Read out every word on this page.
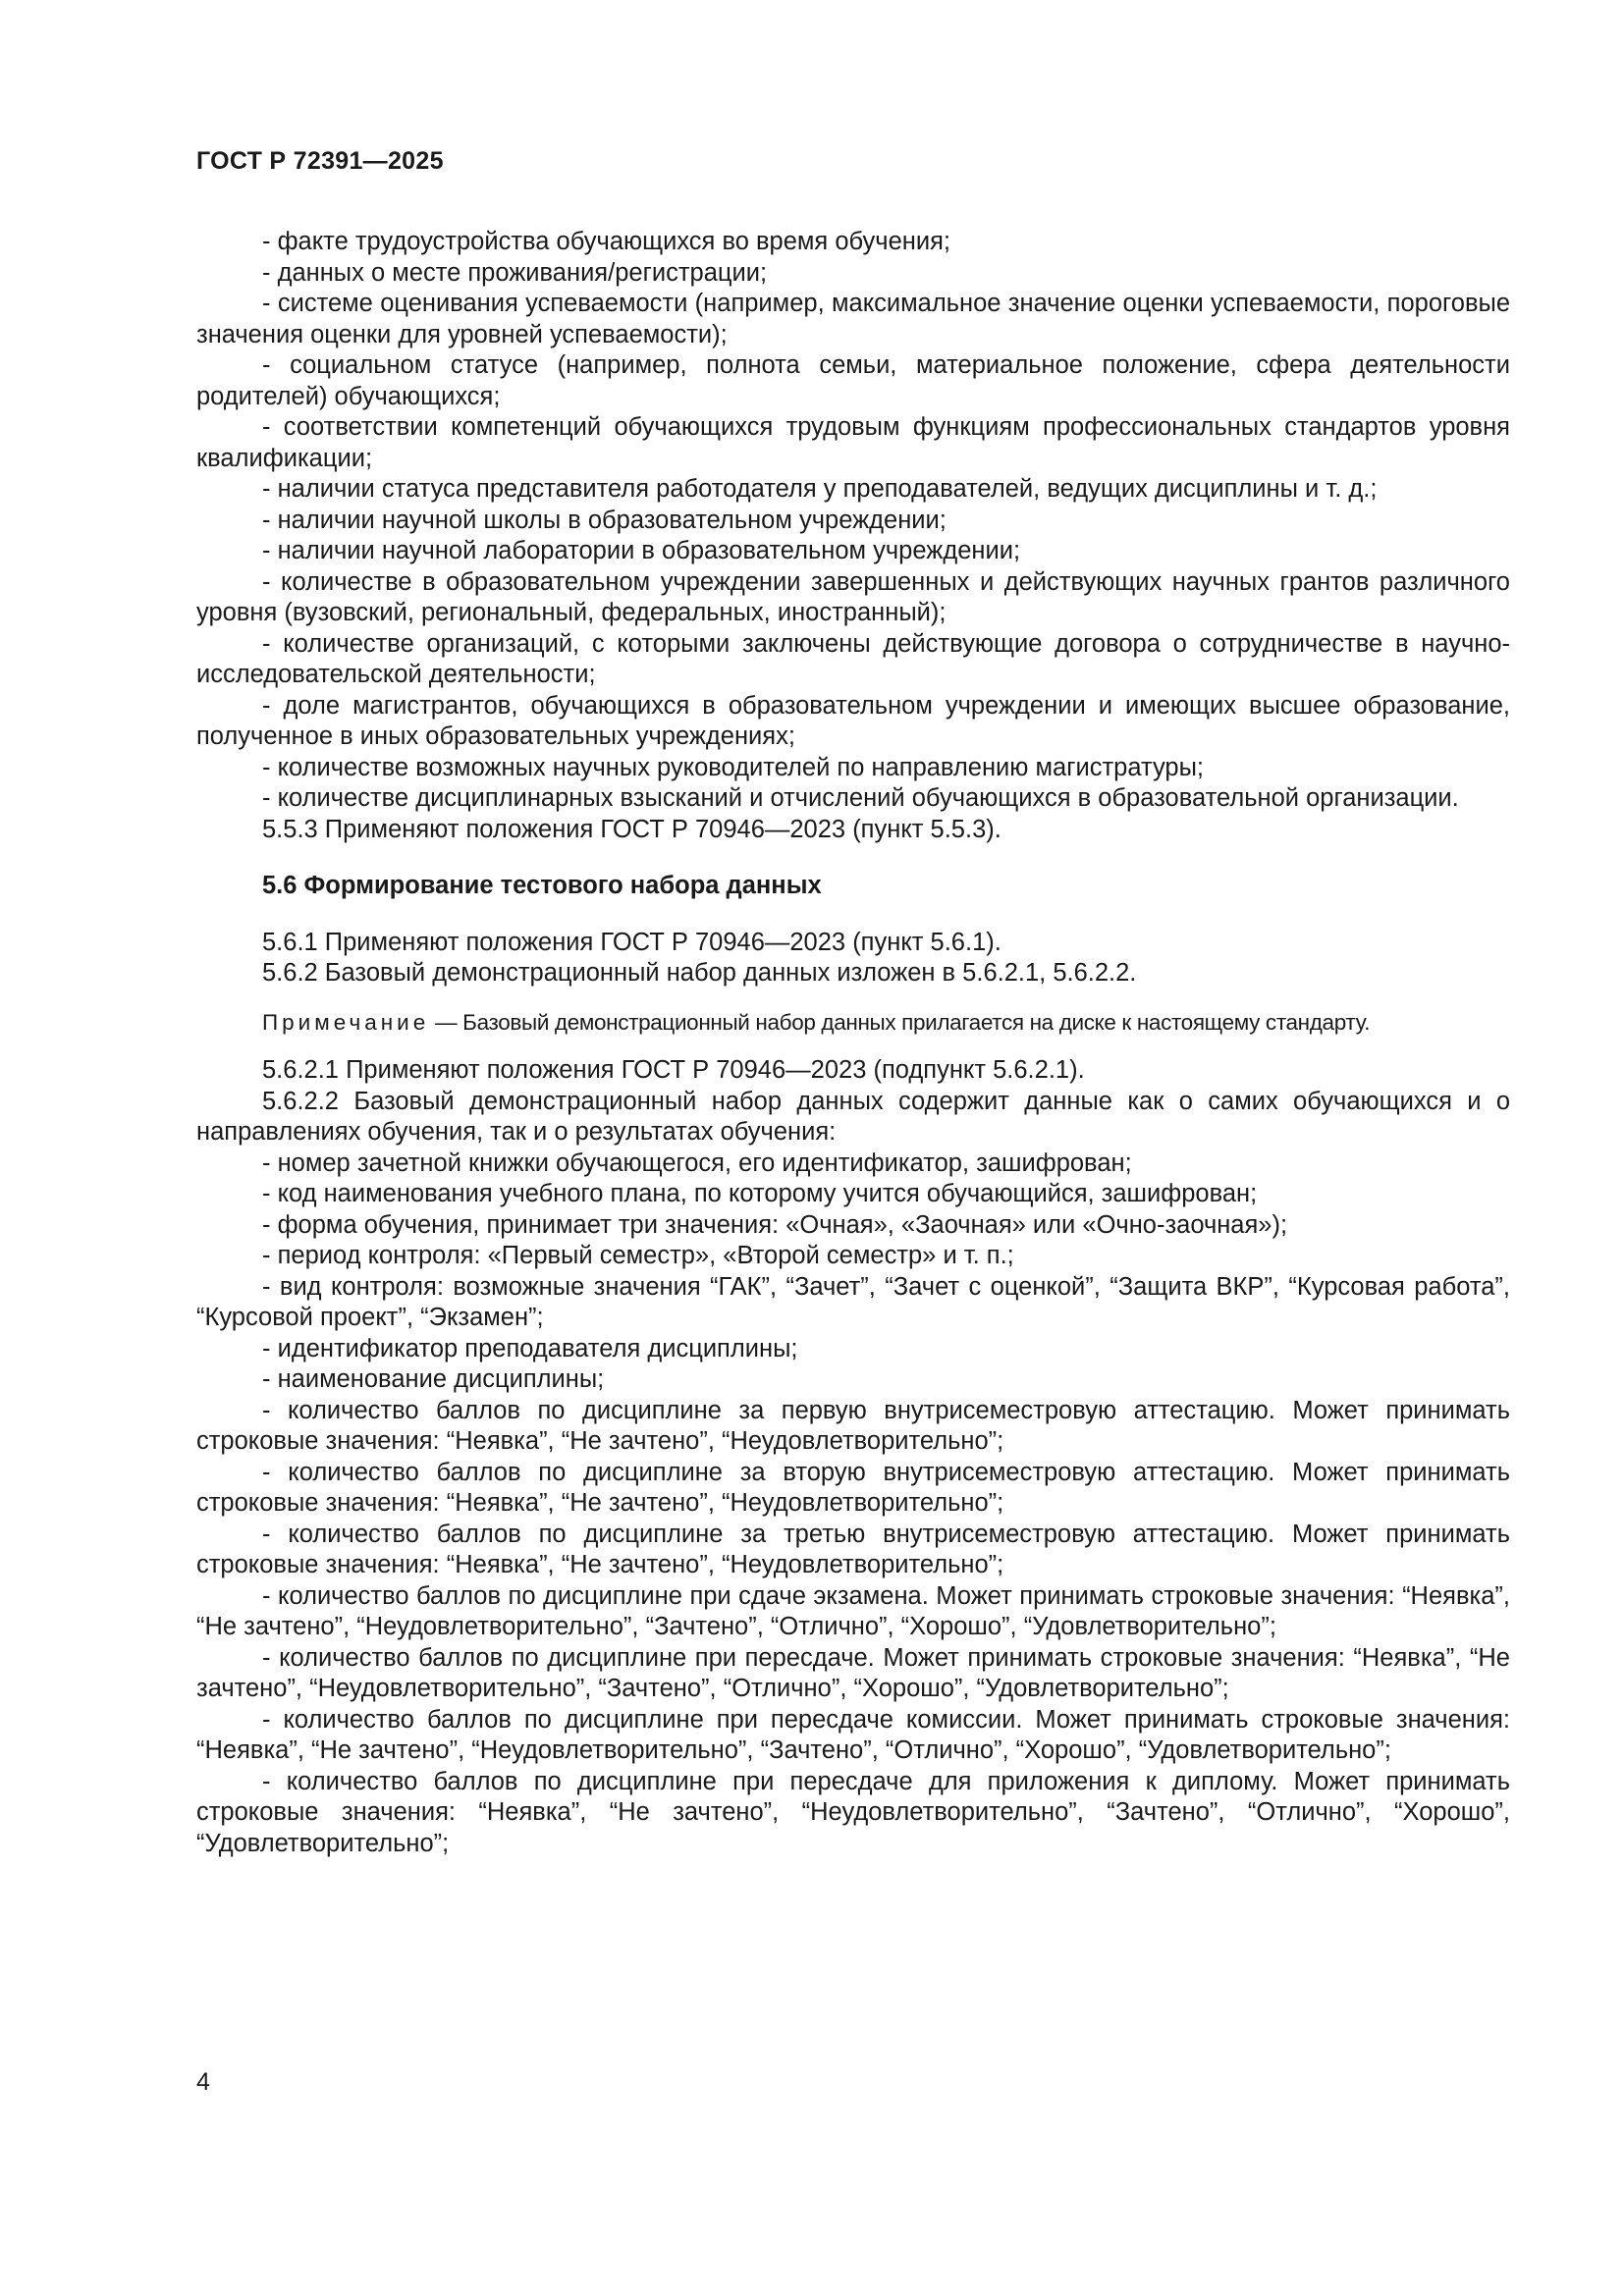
ГОСТ Р 72391—2025

- факте трудоустройства обучающихся во время обучения;

- данных о месте проживания/регистрации;

- системе оценивания успеваемости (например, максимальное значение оценки успеваемости, пороговые значения оценки для уровней успеваемости);

- социальном статусе (например, полнота семьи, материальное положение, сфера деятельности родителей) обучающихся;

- соответствии компетенций обучающихся трудовым функциям профессиональных стандартов уровня квалификации;

- наличии статуса представителя работодателя у преподавателей, ведущих дисциплины и т. д.;

- наличии научной школы в образовательном учреждении;

- наличии научной лаборатории в образовательном учреждении;

- количестве в образовательном учреждении завершенных и действующих научных грантов различного уровня (вузовский, региональный, федеральных, иностранный);

- количестве организаций, с которыми заключены действующие договора о сотрудничестве в научно-исследовательской деятельности;

- доле магистрантов, обучающихся в образовательном учреждении и имеющих высшее образование, полученное в иных образовательных учреждениях;

- количестве возможных научных руководителей по направлению магистратуры;

- количестве дисциплинарных взысканий и отчислений обучающихся в образовательной организации.

5.5.3 Применяют положения ГОСТ Р 70946—2023 (пункт 5.5.3).

5.6 Формирование тестового набора данных

5.6.1 Применяют положения ГОСТ Р 70946—2023 (пункт 5.6.1).

5.6.2 Базовый демонстрационный набор данных изложен в 5.6.2.1, 5.6.2.2.

Примечание — Базовый демонстрационный набор данных прилагается на диске к настоящему стандарту.

5.6.2.1 Применяют положения ГОСТ Р 70946—2023 (подпункт 5.6.2.1).

5.6.2.2 Базовый демонстрационный набор данных содержит данные как о самих обучающихся и о направлениях обучения, так и о результатах обучения:

- номер зачетной книжки обучающегося, его идентификатор, зашифрован;

- код наименования учебного плана, по которому учится обучающийся, зашифрован;

- форма обучения, принимает три значения: «Очная», «Заочная» или «Очно-заочная»);

- период контроля: «Первый семестр», «Второй семестр» и т. п.;

- вид контроля: возможные значения “ГАК”, “Зачет”, “Зачет с оценкой”, “Защита ВКР”, “Курсовая работа”, “Курсовой проект”, “Экзамен”;

- идентификатор преподавателя дисциплины;

- наименование дисциплины;

- количество баллов по дисциплине за первую внутрисеместровую аттестацию. Может принимать строковые значения: “Неявка”, “Не зачтено”, “Неудовлетворительно”;

- количество баллов по дисциплине за вторую внутрисеместровую аттестацию. Может принимать строковые значения: “Неявка”, “Не зачтено”, “Неудовлетворительно”;

- количество баллов по дисциплине за третью внутрисеместровую аттестацию. Может принимать строковые значения: “Неявка”, “Не зачтено”, “Неудовлетворительно”;

- количество баллов по дисциплине при сдаче экзамена. Может принимать строковые значения: “Неявка”, “Не зачтено”, “Неудовлетворительно”, “Зачтено”, “Отлично”, “Хорошо”, “Удовлетворительно”;

- количество баллов по дисциплине при пересдаче. Может принимать строковые значения: “Неявка”, “Не зачтено”, “Неудовлетворительно”, “Зачтено”, “Отлично”, “Хорошо”, “Удовлетворительно”;

- количество баллов по дисциплине при пересдаче комиссии. Может принимать строковые значения: “Неявка”, “Не зачтено”, “Неудовлетворительно”, “Зачтено”, “Отлично”, “Хорошо”, “Удовлетворительно”;

- количество баллов по дисциплине при пересдаче для приложения к диплому. Может принимать строковые значения: “Неявка”, “Не зачтено”, “Неудовлетворительно”, “Зачтено”, “Отлично”, “Хорошо”, “Удовлетворительно”;

4
